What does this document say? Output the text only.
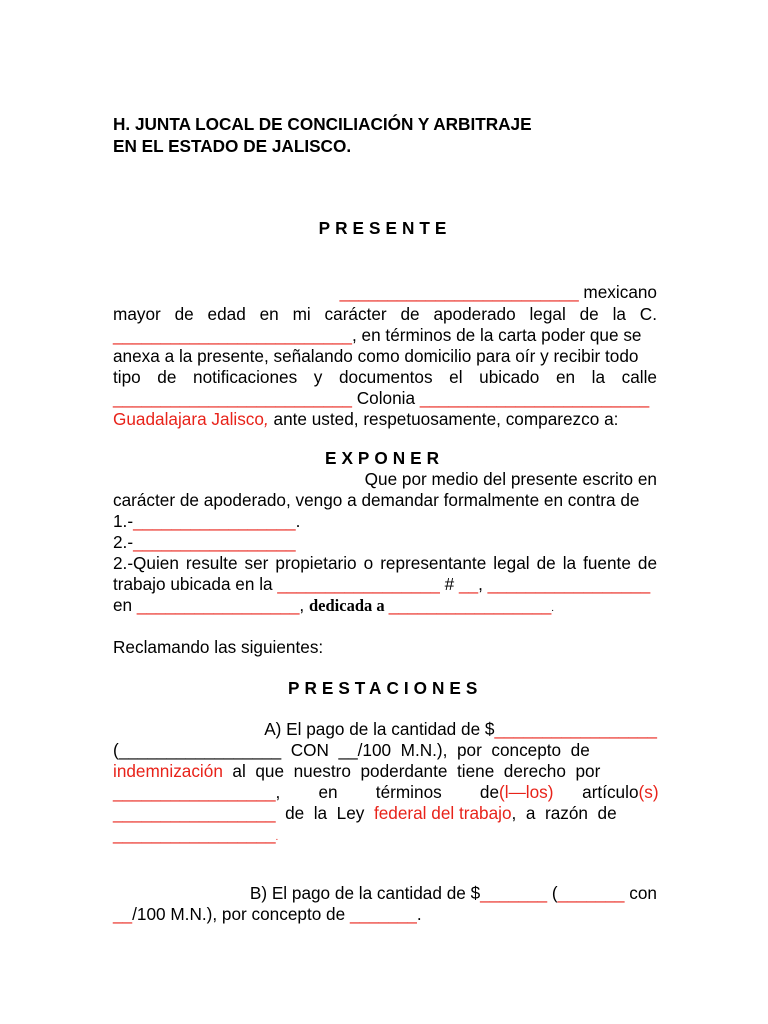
H. JUNTA LOCAL DE CONCILIACIÓN Y ARBITRAJE
EN EL ESTADO DE JALISCO.
PRESENTE
_________________________ mexicano
mayor de edad en mi carácter de apoderado legal de la C.
_________________________, en términos de la carta poder que se
anexa a la presente, señalando como domicilio para oír y recibir todo
tipo de notificaciones y documentos el ubicado en la calle
_________________________ Colonia ________________________
Guadalajara Jalisco, ante usted, respetuosamente, comparezco a:
EXPONER
Que por medio del presente escrito en
carácter de apoderado, vengo a demandar formalmente en contra de
1.-_________________.
2.-_________________
2.-Quien resulte ser propietario o representante legal de la fuente de
trabajo ubicada en la _________________ # __, _________________
en _________________, dedicada a _________________.
Reclamando las siguientes:
PRESTACIONES
A) El pago de la cantidad de $_________________
(_________________  CON  __/100  M.N.),  por  concepto  de
indemnización  al  que  nuestro  poderdante  tiene  derecho  por
_________________,        en        términos        de(l—los)      artículo(s)
_________________  de  la  Ley  federal del trabajo,  a  razón  de
_________________.
B) El pago de la cantidad de $_______ (_______ con
__/100 M.N.), por concepto de _______.
